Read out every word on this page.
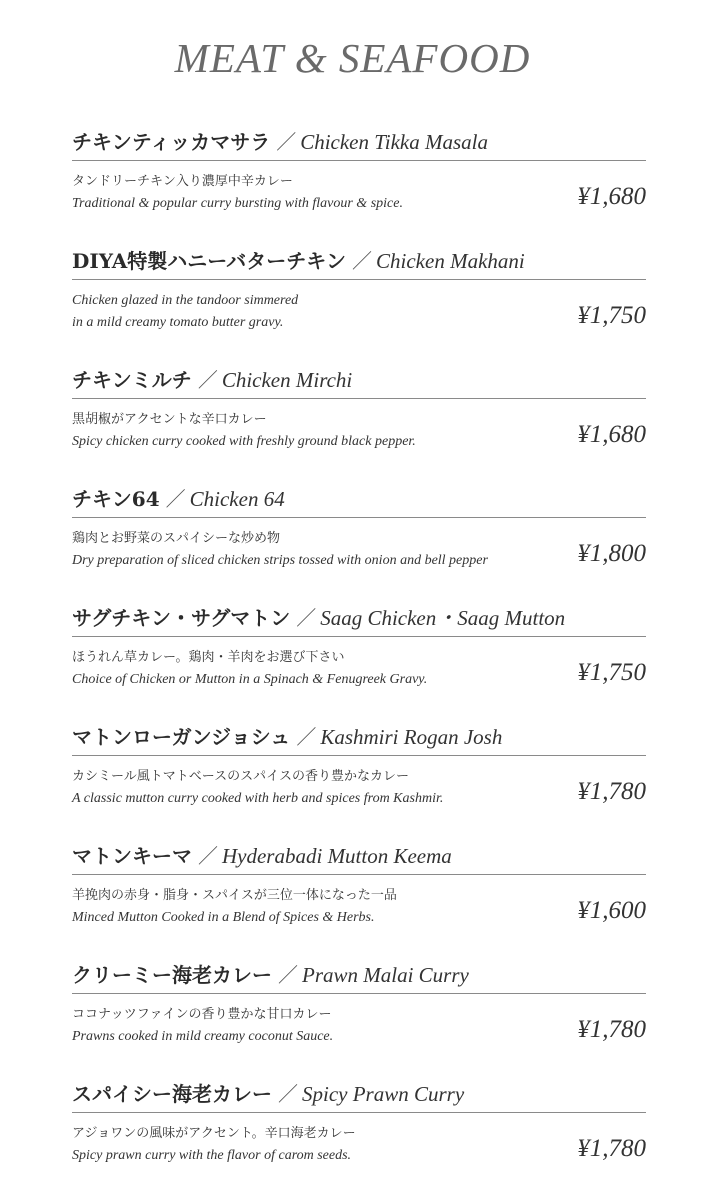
MEAT & SEAFOOD
チキンティッカマサラ ／ Chicken Tikka Masala
タンドリーチキン入り濃厚中辛カレー
Traditional & popular curry bursting with flavour & spice.	¥1,680
DIYA特製ハニーバターチキン ／ Chicken Makhani
Chicken glazed in the tandoor simmered
in a mild creamy tomato butter gravy.	¥1,750
チキンミルチ ／ Chicken Mirchi
黒胡椒がアクセントな辛口カレー
Spicy chicken curry cooked with freshly ground black pepper.	¥1,680
チキン64 ／ Chicken 64
鶏肉とお野菜のスパイシーな炒め物
Dry preparation of sliced chicken strips tossed with onion and bell pepper	¥1,800
サグチキン・サグマトン ／ Saag Chicken・Saag Mutton
ほうれん草カレー。鶏肉・羊肉をお選び下さい
Choice of Chicken or Mutton in a Spinach & Fenugreek Gravy.	¥1,750
マトンローガンジョシュ ／ Kashmiri Rogan Josh
カシミール風トマトベースのスパイスの香り豊かなカレー
A classic mutton curry cooked with herb and spices from Kashmir.	¥1,780
マトンキーマ ／ Hyderabadi Mutton Keema
羊挽肉の赤身・脂身・スパイスが三位一体になった一品
Minced Mutton Cooked in a Blend of Spices & Herbs.	¥1,600
クリーミー海老カレー ／ Prawn Malai Curry
ココナッツファインの香り豊かな甘口カレー
Prawns cooked in mild creamy coconut Sauce.	¥1,780
スパイシー海老カレー ／ Spicy Prawn Curry
アジョワンの風味がアクセント。辛口海老カレー
Spicy prawn curry with the flavor of carom seeds.	¥1,780
